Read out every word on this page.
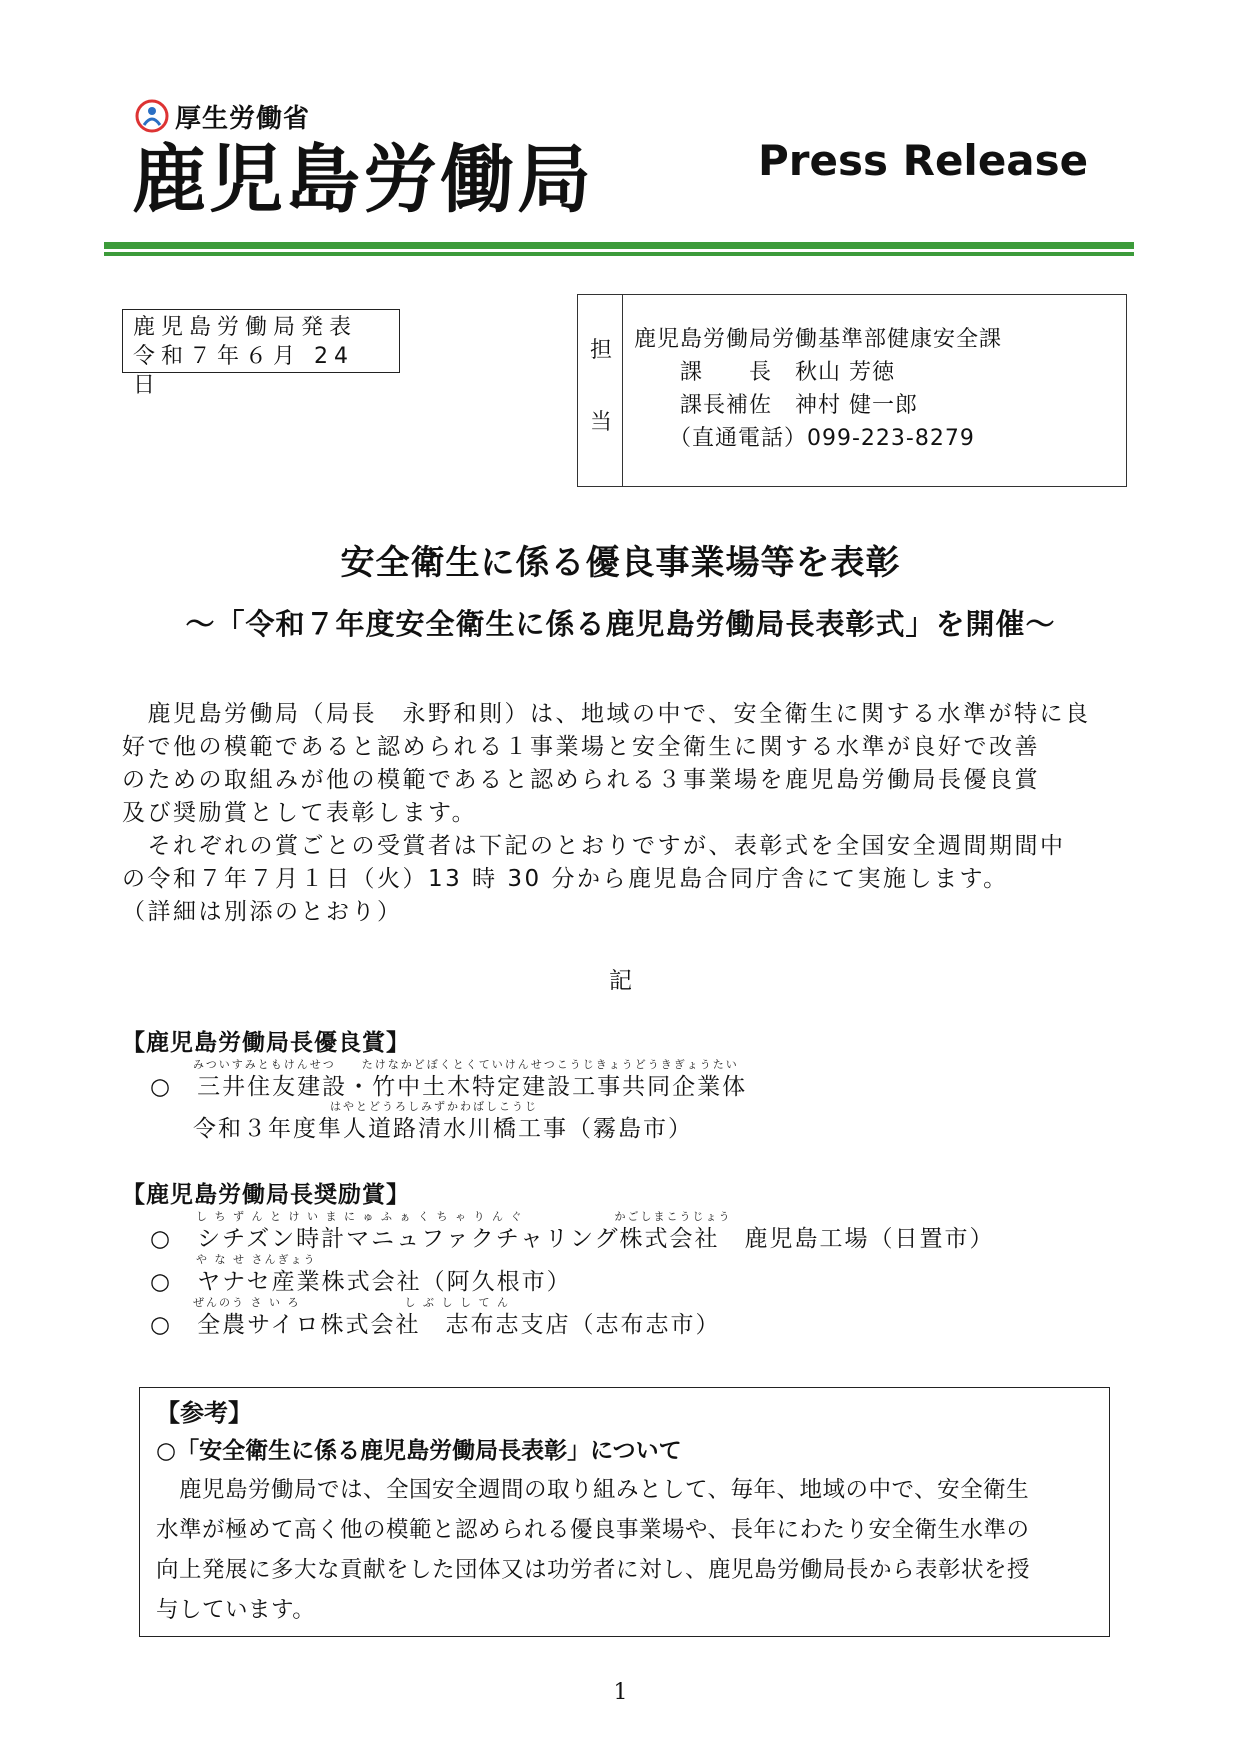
厚生労働省
鹿児島労働局	Press Release
鹿児島労働局発表
令和７年６月 24 日
担
当
鹿児島労働局労働基準部健康安全課
　　課　　長　秋山 芳徳
　　課長補佐　神村 健一郎
　　（直通電話）099-223-8279
安全衛生に係る優良事業場等を表彰
～「令和７年度安全衛生に係る鹿児島労働局長表彰式」を開催～

　鹿児島労働局（局長　永野和則）は、地域の中で、安全衛生に関する水準が特に良

好で他の模範であると認められる１事業場と安全衛生に関する水準が良好で改善

のための取組みが他の模範であると認められる３事業場を鹿児島労働局長優良賞

及び奨励賞として表彰します。

　それぞれの賞ごとの受賞者は下記のとおりですが、表彰式を全国安全週間期間中

の令和７年７月１日（火）13 時 30 分から鹿児島合同庁舎にて実施します。

（詳細は別添のとおり）

記
【鹿児島労働局長優良賞】
みついすみともけんせつ　　たけなかどぼくとくていけんせつこうじきょうどうきぎょうたい
○　三井住友建設・竹中土木特定建設工事共同企業体
はやとどうろしみずかわばしこうじ
令和３年度隼人道路清水川橋工事（霧島市）
【鹿児島労働局長奨励賞】
し ち ず ん と け い ま に ゅ ふ ぁ く ち ゃ り ん ぐ　　　　　　　かごしまこうじょう
○　シチズン時計マニュファクチャリング株式会社　鹿児島工場（日置市）
や な せ さんぎょう
○　ヤナセ産業株式会社（阿久根市）
ぜんのう さ い ろ　　　　　　　　し ぶ し し て ん
○　全農サイロ株式会社　志布志支店（志布志市）
【参考】
○「安全衛生に係る鹿児島労働局長表彰」について
　鹿児島労働局では、全国安全週間の取り組みとして、毎年、地域の中で、安全衛生
水準が極めて高く他の模範と認められる優良事業場や、長年にわたり安全衛生水準の
向上発展に多大な貢献をした団体又は功労者に対し、鹿児島労働局長から表彰状を授
与しています。
1
